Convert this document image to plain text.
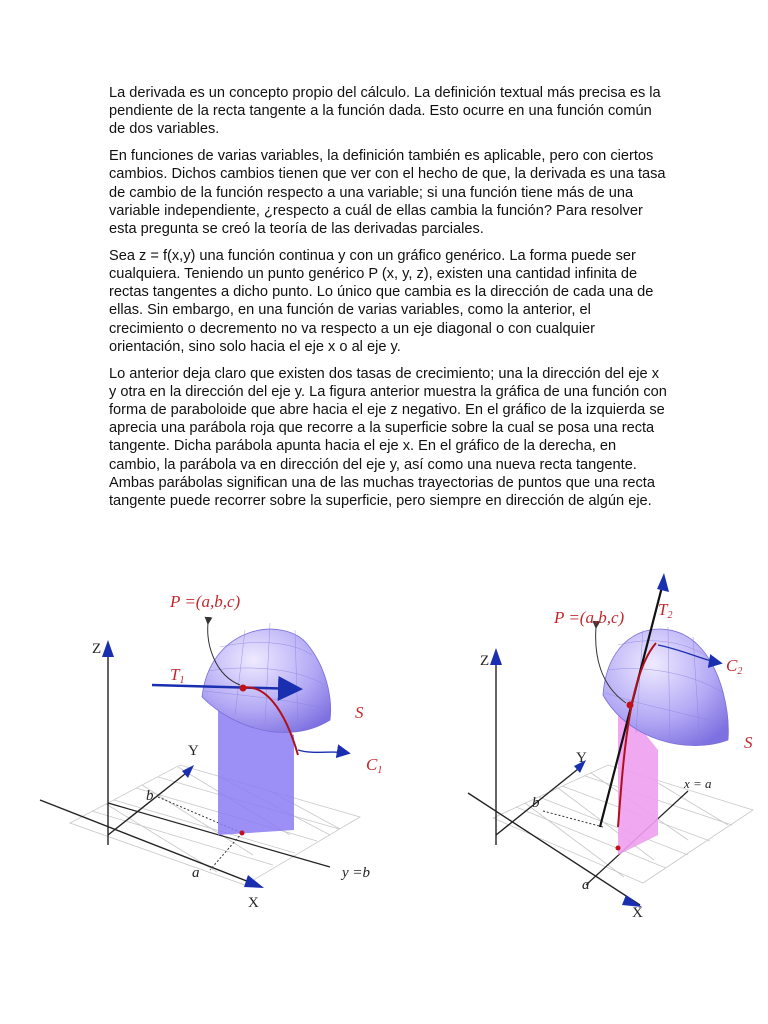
La derivada es un concepto propio del cálculo. La definición textual más precisa es la pendiente de la recta tangente a la función dada. Esto ocurre en una función común de dos variables.

En funciones de varias variables, la definición también es aplicable, pero con ciertos cambios. Dichos cambios tienen que ver con el hecho de que, la derivada es una tasa de cambio de la función respecto a una variable; si una función tiene más de una variable independiente, ¿respecto a cuál de ellas cambia la función? Para resolver esta pregunta se creó la teoría de las derivadas parciales.

Sea z = f(x,y) una función continua y con un gráfico genérico. La forma puede ser cualquiera. Teniendo un punto genérico P (x, y, z), existen una cantidad infinita de rectas tangentes a dicho punto. Lo único que cambia es la dirección de cada una de ellas. Sin embargo, en una función de varias variables, como la anterior, el crecimiento o decremento no va respecto a un eje diagonal o con cualquier orientación, sino solo hacia el eje x o al eje y.

Lo anterior deja claro que existen dos tasas de crecimiento; una la dirección del eje x y otra en la dirección del eje y. La figura anterior muestra la gráfica de una función con forma de paraboloide que abre hacia el eje z negativo. En el gráfico de la izquierda se aprecia una parábola roja que recorre a la superficie sobre la cual se posa una recta tangente. Dicha parábola apunta hacia el eje x. En el gráfico de la derecha, en cambio, la parábola va en dirección del eje y, así como una nueva recta tangente. Ambas parábolas significan una de las muchas trayectorias de puntos que una recta tangente puede recorrer sobre la superficie, pero siempre en dirección de algún eje.

P =(a,b,c)
T1
S
C1
Z
Y
X
a
b
y =b
P =(a,b,c) T2
S
C2
Z
Y
X
a
b
x = a
